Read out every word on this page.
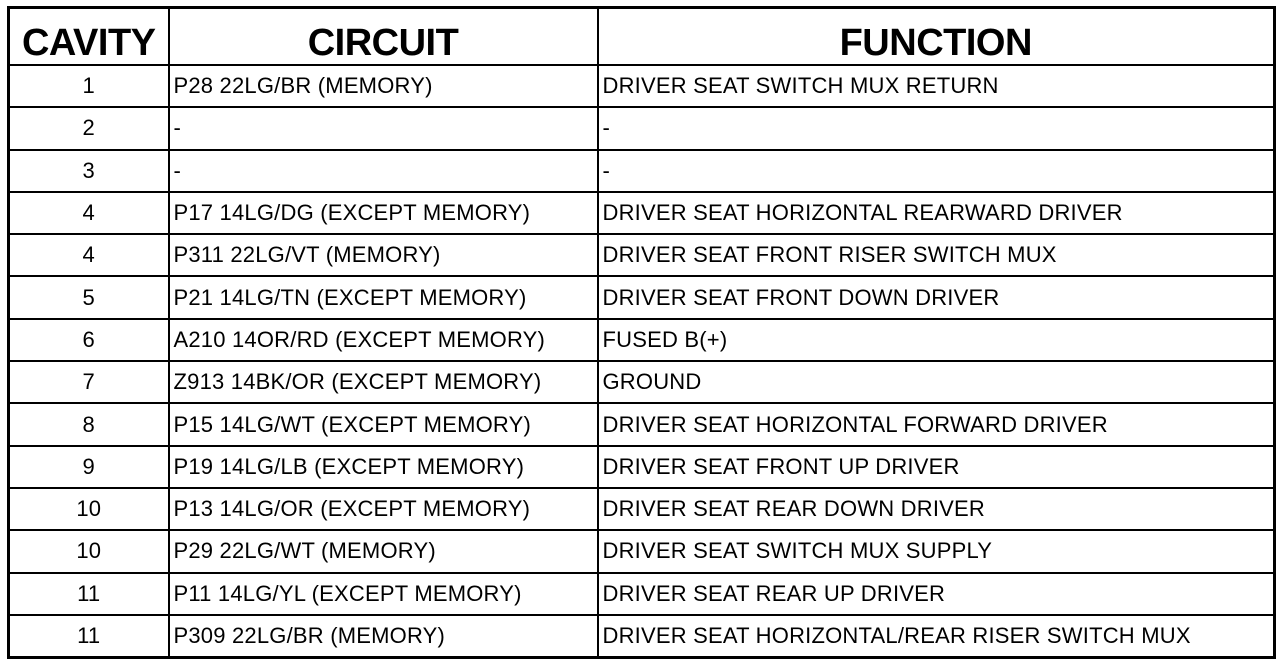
CAVITY	CIRCUIT	FUNCTION
1	P28 22LG/BR (MEMORY)	DRIVER SEAT SWITCH MUX RETURN
2	-	-
3	-	-
4	P17 14LG/DG (EXCEPT MEMORY)	DRIVER SEAT HORIZONTAL REARWARD DRIVER
4	P311 22LG/VT (MEMORY)	DRIVER SEAT FRONT RISER SWITCH MUX
5	P21 14LG/TN (EXCEPT MEMORY)	DRIVER SEAT FRONT DOWN DRIVER
6	A210 14OR/RD (EXCEPT MEMORY)	FUSED B(+)
7	Z913 14BK/OR (EXCEPT MEMORY)	GROUND
8	P15 14LG/WT (EXCEPT MEMORY)	DRIVER SEAT HORIZONTAL FORWARD DRIVER
9	P19 14LG/LB (EXCEPT MEMORY)	DRIVER SEAT FRONT UP DRIVER
10	P13 14LG/OR (EXCEPT MEMORY)	DRIVER SEAT REAR DOWN DRIVER
10	P29 22LG/WT (MEMORY)	DRIVER SEAT SWITCH MUX SUPPLY
11	P11 14LG/YL (EXCEPT MEMORY)	DRIVER SEAT REAR UP DRIVER
11	P309 22LG/BR (MEMORY)	DRIVER SEAT HORIZONTAL/REAR RISER SWITCH MUX
